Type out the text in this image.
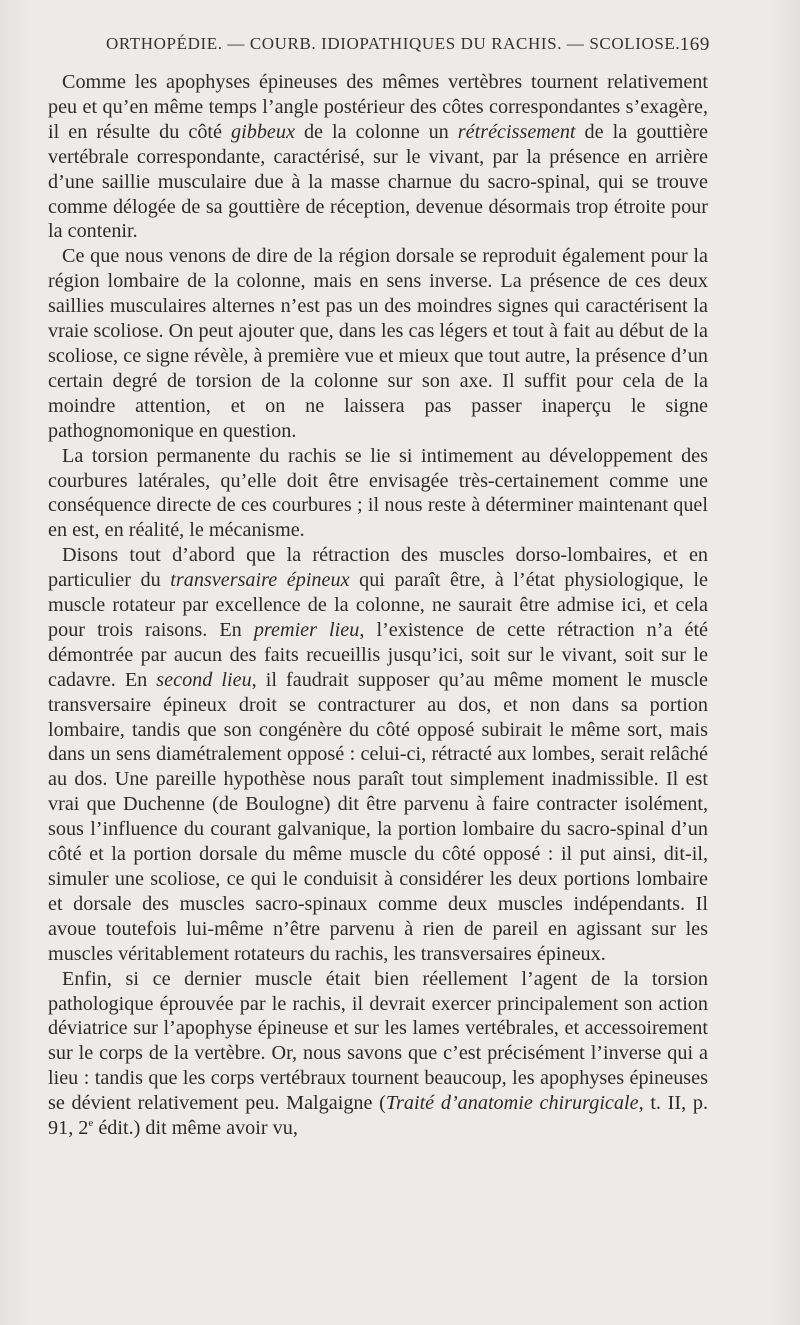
ORTHOPÉDIE. — COURB. IDIOPATHIQUES DU RACHIS. — SCOLIOSE. 169

Comme les apophyses épineuses des mêmes vertèbres tournent relativement peu et qu’en même temps l’angle postérieur des côtes correspondantes s’exagère, il en résulte du côté gibbeux de la colonne un rétrécissement de la gouttière vertébrale correspondante, caractérisé, sur le vivant, par la présence en arrière d’une saillie musculaire due à la masse charnue du sacro-spinal, qui se trouve comme délogée de sa gouttière de réception, devenue désormais trop étroite pour la contenir.

Ce que nous venons de dire de la région dorsale se reproduit également pour la région lombaire de la colonne, mais en sens inverse. La présence de ces deux saillies musculaires alternes n’est pas un des moindres signes qui caractérisent la vraie scoliose. On peut ajouter que, dans les cas légers et tout à fait au début de la scoliose, ce signe révèle, à première vue et mieux que tout autre, la présence d’un certain degré de torsion de la colonne sur son axe. Il suffit pour cela de la moindre attention, et on ne laissera pas passer inaperçu le signe pathognomonique en question.

La torsion permanente du rachis se lie si intimement au développement des courbures latérales, qu’elle doit être envisagée très-certainement comme une conséquence directe de ces courbures ; il nous reste à déterminer maintenant quel en est, en réalité, le mécanisme.

Disons tout d’abord que la rétraction des muscles dorso-lombaires, et en particulier du transversaire épineux qui paraît être, à l’état physiologique, le muscle rotateur par excellence de la colonne, ne saurait être admise ici, et cela pour trois raisons. En premier lieu, l’existence de cette rétraction n’a été démontrée par aucun des faits recueillis jusqu’ici, soit sur le vivant, soit sur le cadavre. En second lieu, il faudrait supposer qu’au même moment le muscle transversaire épineux droit se contracturer au dos, et non dans sa portion lombaire, tandis que son congénère du côté opposé subirait le même sort, mais dans un sens diamétralement opposé : celui-ci, rétracté aux lombes, serait relâché au dos. Une pareille hypothèse nous paraît tout simplement inadmissible. Il est vrai que Duchenne (de Boulogne) dit être parvenu à faire contracter isolément, sous l’influence du courant galvanique, la portion lombaire du sacro-spinal d’un côté et la portion dorsale du même muscle du côté opposé : il put ainsi, dit-il, simuler une scoliose, ce qui le conduisit à considérer les deux portions lombaire et dorsale des muscles sacro-spinaux comme deux muscles indépendants. Il avoue toutefois lui-même n’être parvenu à rien de pareil en agissant sur les muscles véritablement rotateurs du rachis, les transversaires épineux.

Enfin, si ce dernier muscle était bien réellement l’agent de la torsion pathologique éprouvée par le rachis, il devrait exercer principalement son action déviatrice sur l’apophyse épineuse et sur les lames vertébrales, et accessoirement sur le corps de la vertèbre. Or, nous savons que c’est précisément l’inverse qui a lieu : tandis que les corps vertébraux tournent beaucoup, les apophyses épineuses se dévient relativement peu. Malgaigne (Traité d’anatomie chirurgicale, t. II, p. 91, 2e édit.) dit même avoir vu,
